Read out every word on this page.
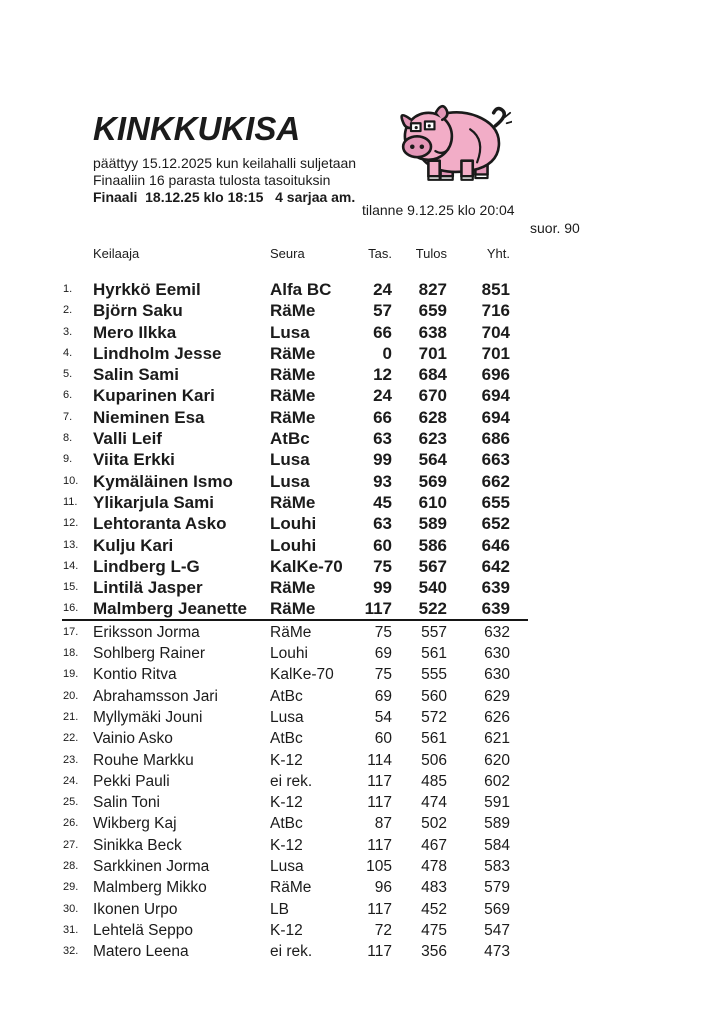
KINKKUKISA
päättyy 15.12.2025 kun keilahalli suljetaan
Finaaliin 16 parasta tulosta tasoituksin
Finaali  18.12.25 klo 18:15   4 sarjaa am.
tilanne 9.12.25 klo 20:04
suor. 90
Keilaaja	Seura	Tas.	Tulos	Yht.
1.	Hyrkkö Eemil	Alfa BC	24	827	851
2.	Björn Saku	RäMe	57	659	716
3.	Mero Ilkka	Lusa	66	638	704
4.	Lindholm Jesse	RäMe	0	701	701
5.	Salin Sami	RäMe	12	684	696
6.	Kuparinen Kari	RäMe	24	670	694
7.	Nieminen Esa	RäMe	66	628	694
8.	Valli Leif	AtBc	63	623	686
9.	Viita Erkki	Lusa	99	564	663
10. Kymäläinen Ismo	Lusa	93	569	662
11. Ylikarjula Sami	RäMe	45	610	655
12. Lehtoranta Asko	Louhi	63	589	652
13. Kulju Kari	Louhi	60	586	646
14. Lindberg L-G	KalKe-70	75	567	642
15. Lintilä Jasper	RäMe	99	540	639
16. Malmberg Jeanette	RäMe	117	522	639
17. Eriksson Jorma	RäMe	75	557	632
18. Sohlberg Rainer	Louhi	69	561	630
19. Kontio Ritva	KalKe-70	75	555	630
20. Abrahamsson Jari	AtBc	69	560	629
21. Myllymäki Jouni	Lusa	54	572	626
22. Vainio Asko	AtBc	60	561	621
23. Rouhe Markku	K-12	114	506	620
24. Pekki Pauli	ei rek.	117	485	602
25. Salin Toni	K-12	117	474	591
26. Wikberg Kaj	AtBc	87	502	589
27. Sinikka Beck	K-12	117	467	584
28. Sarkkinen Jorma	Lusa	105	478	583
29. Malmberg Mikko	RäMe	96	483	579
30. Ikonen Urpo	LB	117	452	569
31. Lehtelä Seppo	K-12	72	475	547
32. Matero Leena	ei rek.	117	356	473
